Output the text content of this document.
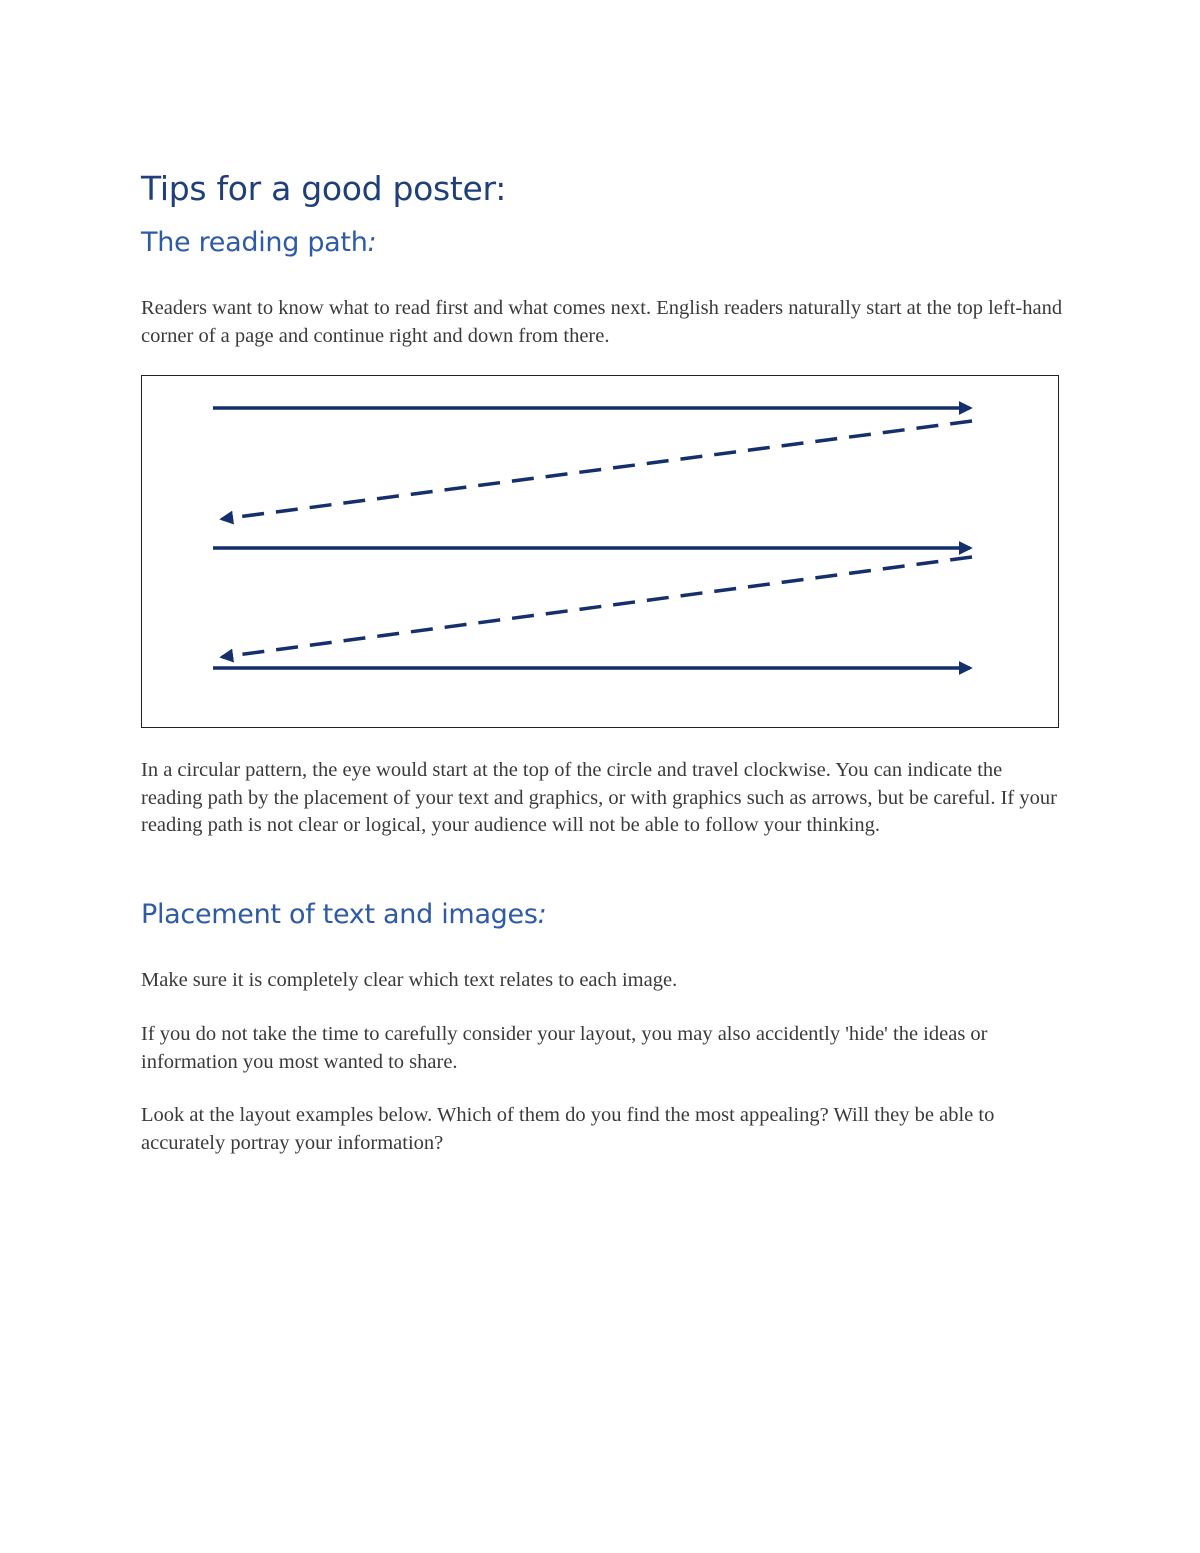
Tips for a good poster:
The reading path:

Readers want to know what to read first and what comes next. English readers naturally start at the top left-hand corner of a page and continue right and down from there.

In a circular pattern, the eye would start at the top of the circle and travel clockwise. You can indicate the reading path by the placement of your text and graphics, or with graphics such as arrows, but be careful. If your reading path is not clear or logical, your audience will not be able to follow your thinking.

Placement of text and images:

Make sure it is completely clear which text relates to each image.

If you do not take the time to carefully consider your layout, you may also accidently 'hide' the ideas or information you most wanted to share.

Look at the layout examples below. Which of them do you find the most appealing? Will they be able to accurately portray your information?
